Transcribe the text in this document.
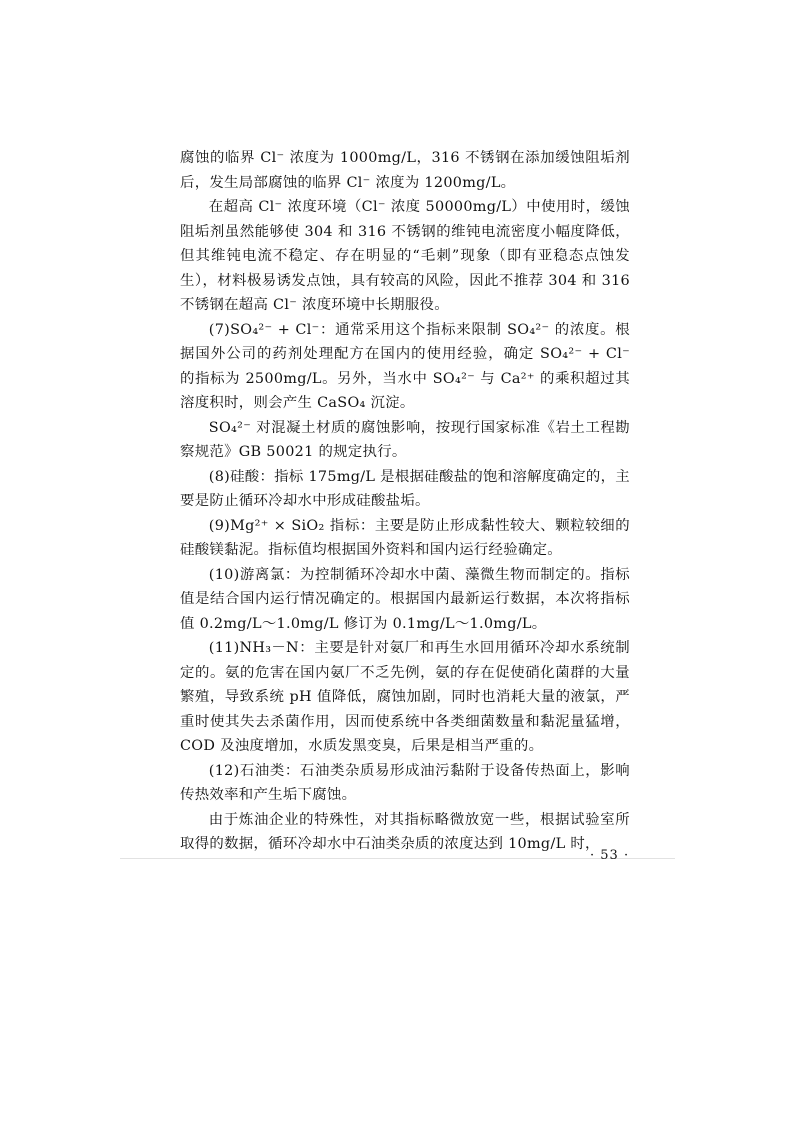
腐蚀的临界 Cl⁻ 浓度为 1000mg/L，316 不锈钢在添加缓蚀阻垢剂后，发生局部腐蚀的临界 Cl⁻ 浓度为 1200mg/L。

在超高 Cl⁻ 浓度环境（Cl⁻ 浓度 50000mg/L）中使用时，缓蚀阻垢剂虽然能够使 304 和 316 不锈钢的维钝电流密度小幅度降低，但其维钝电流不稳定、存在明显的“毛刺”现象（即有亚稳态点蚀发生），材料极易诱发点蚀，具有较高的风险，因此不推荐 304 和 316 不锈钢在超高 Cl⁻ 浓度环境中长期服役。

(7)SO₄²⁻ + Cl⁻：通常采用这个指标来限制 SO₄²⁻ 的浓度。根据国外公司的药剂处理配方在国内的使用经验，确定 SO₄²⁻ + Cl⁻ 的指标为 2500mg/L。另外，当水中 SO₄²⁻ 与 Ca²⁺ 的乘积超过其溶度积时，则会产生 CaSO₄ 沉淀。

SO₄²⁻ 对混凝土材质的腐蚀影响，按现行国家标准《岩土工程勘察规范》GB 50021 的规定执行。

(8)硅酸：指标 175mg/L 是根据硅酸盐的饱和溶解度确定的，主要是防止循环冷却水中形成硅酸盐垢。

(9)Mg²⁺ × SiO₂ 指标：主要是防止形成黏性较大、颗粒较细的硅酸镁黏泥。指标值均根据国外资料和国内运行经验确定。

(10)游离氯：为控制循环冷却水中菌、藻微生物而制定的。指标值是结合国内运行情况确定的。根据国内最新运行数据，本次将指标值 0.2mg/L～1.0mg/L 修订为 0.1mg/L～1.0mg/L。

(11)NH₃－N：主要是针对氨厂和再生水回用循环冷却水系统制定的。氨的危害在国内氨厂不乏先例，氨的存在促使硝化菌群的大量繁殖，导致系统 pH 值降低，腐蚀加剧，同时也消耗大量的液氯，严重时使其失去杀菌作用，因而使系统中各类细菌数量和黏泥量猛增，COD 及浊度增加，水质发黑变臭，后果是相当严重的。

(12)石油类：石油类杂质易形成油污黏附于设备传热面上，影响传热效率和产生垢下腐蚀。

由于炼油企业的特殊性，对其指标略微放宽一些，根据试验室所取得的数据，循环冷却水中石油类杂质的浓度达到 10mg/L 时，

· 53 ·
